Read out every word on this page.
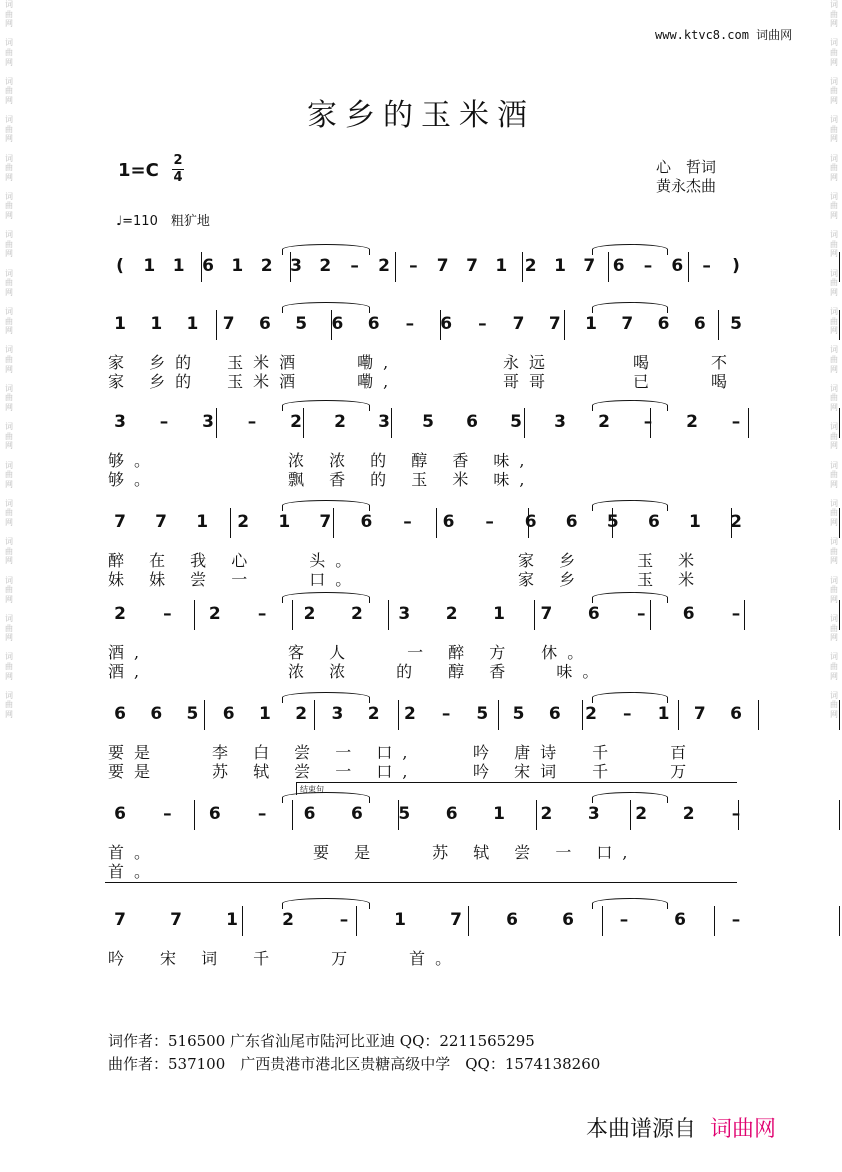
词
曲
网

词
曲
网

词
曲
网

词
曲
网

词
曲
网

词
曲
网

词
曲
网

词
曲
网

词
曲
网

词
曲
网

词
曲
网

词
曲
网

词
曲
网

词
曲
网

词
曲
网

词
曲
网

词
曲
网

词
曲
网

词
曲
网
词
曲
网

词
曲
网

词
曲
网

词
曲
网

词
曲
网

词
曲
网

词
曲
网

词
曲
网

词
曲
网

词
曲
网

词
曲
网

词
曲
网

词
曲
网

词
曲
网

词
曲
网

词
曲
网

词
曲
网

词
曲
网

词
曲
网
www.ktvc8.com 词曲网
家乡的玉米酒
1=C 2
4
心　哲词
黄永杰曲
♩=110　粗犷地
( 1 1 6 1 2 3 2 – 2 – 7 7 1 2 1 7 6 – 6 – )
1 1 1 7 6 5 6 6 – 6 – 7 7 1 7 6 6 5
家 乡的　玉米酒　　嘞,	永远　　　喝　　不
家 乡的　玉米酒　　嘞,	哥哥　　　已　　喝
3 – 3 – 2 2 3 5 6 5 3 2 – 2 –
够。	浓 浓 的 醇 香 味,
够。	飘 香 的 玉 米 味,
7 7 1 2 1 7 6 – 6 – 6 6 5 6 1 2
醉 在 我 心　　头。	家 乡　　玉 米
妹 妹 尝 一　　口。	家 乡　　玉 米
2 – 2 – 2 2 3 2 1 7 6 – 6 –
酒,	客 人　　一 醉 方　休。
酒,	浓 浓　 的　醇 香　 味。
6 6 5 6 1 2 3 2 2 – 5 5 6 2 – 1 7 6
要是　　李 白 尝 一 口,	吟 唐诗　千　　百
要是　　苏 轼 尝 一 口,	吟 宋词　千　　万
6 – 6 – 6 6 5 6 1 2 3 2 2 –
首。	要 是　　苏 轼 尝 一 口,
首。
7	7	1	2	–	1	7	6	6	–	6	–
吟　宋 词　千　　万　　首。
结束句
词作者：516500 广东省汕尾市陆河比亚迪 QQ：2211565295
曲作者：537100　广西贵港市港北区贵糖高级中学　QQ：1574138260
本曲谱源自 词曲网
